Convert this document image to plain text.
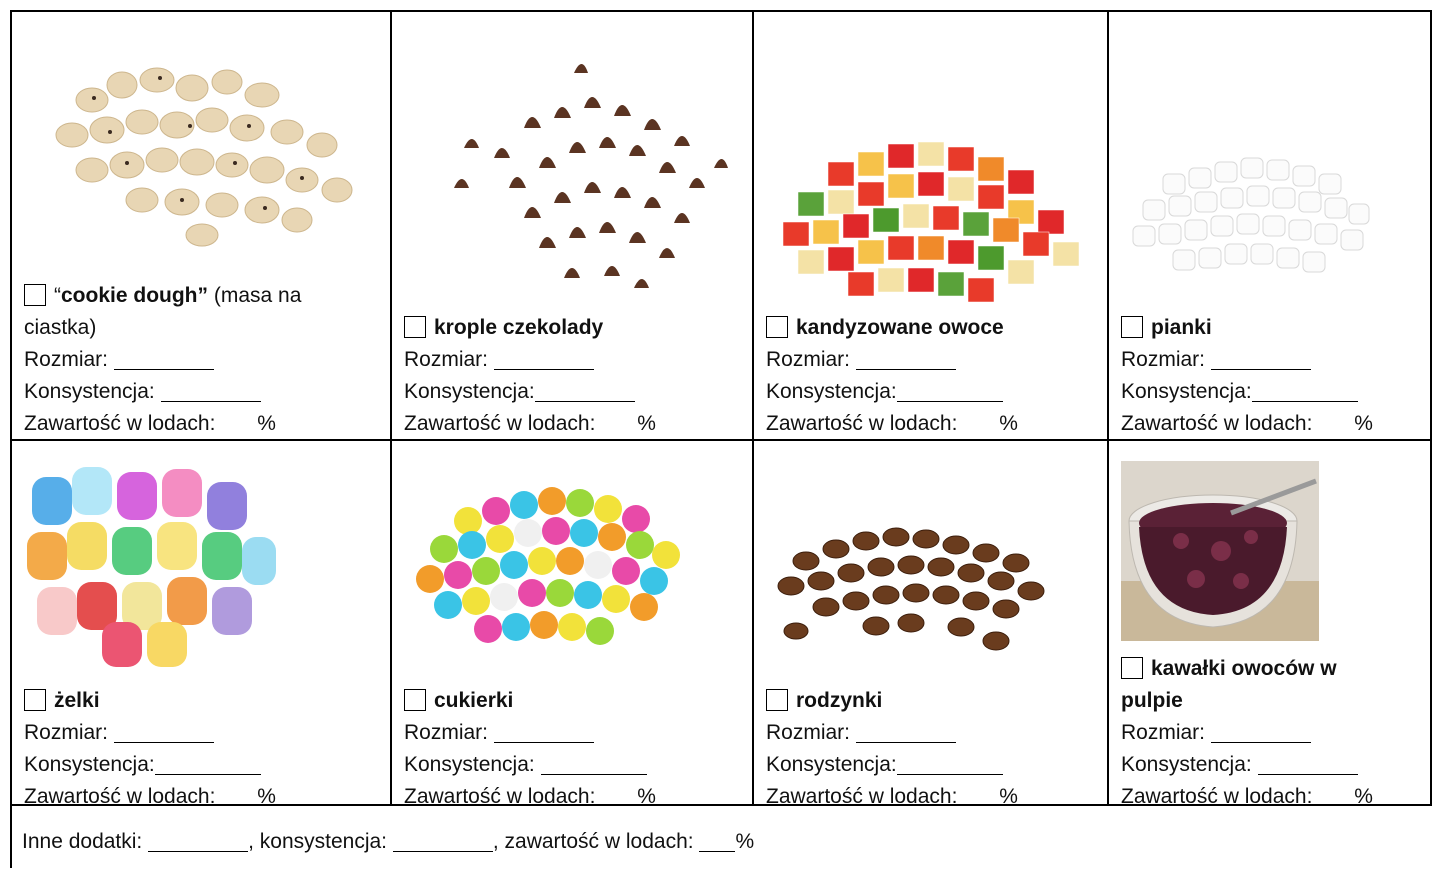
“cookie dough” (masa na
ciastka)
Rozmiar:
Konsystencja:
Zawartość w lodach: %
krople czekolady
Rozmiar:
Konsystencja:
Zawartość w lodach: %
kandyzowane owoce
Rozmiar:
Konsystencja:
Zawartość w lodach: %
pianki
Rozmiar:
Konsystencja:
Zawartość w lodach: %
żelki
Rozmiar:
Konsystencja:
Zawartość w lodach: %
cukierki
Rozmiar:
Konsystencja:
Zawartość w lodach: %
rodzynki
Rozmiar:
Konsystencja:
Zawartość w lodach: %
kawałki owoców w
pulpie
Rozmiar:
Konsystencja:
Zawartość w lodach: %
Inne dodatki:	, konsystencja:	, zawartość w lodach: %
